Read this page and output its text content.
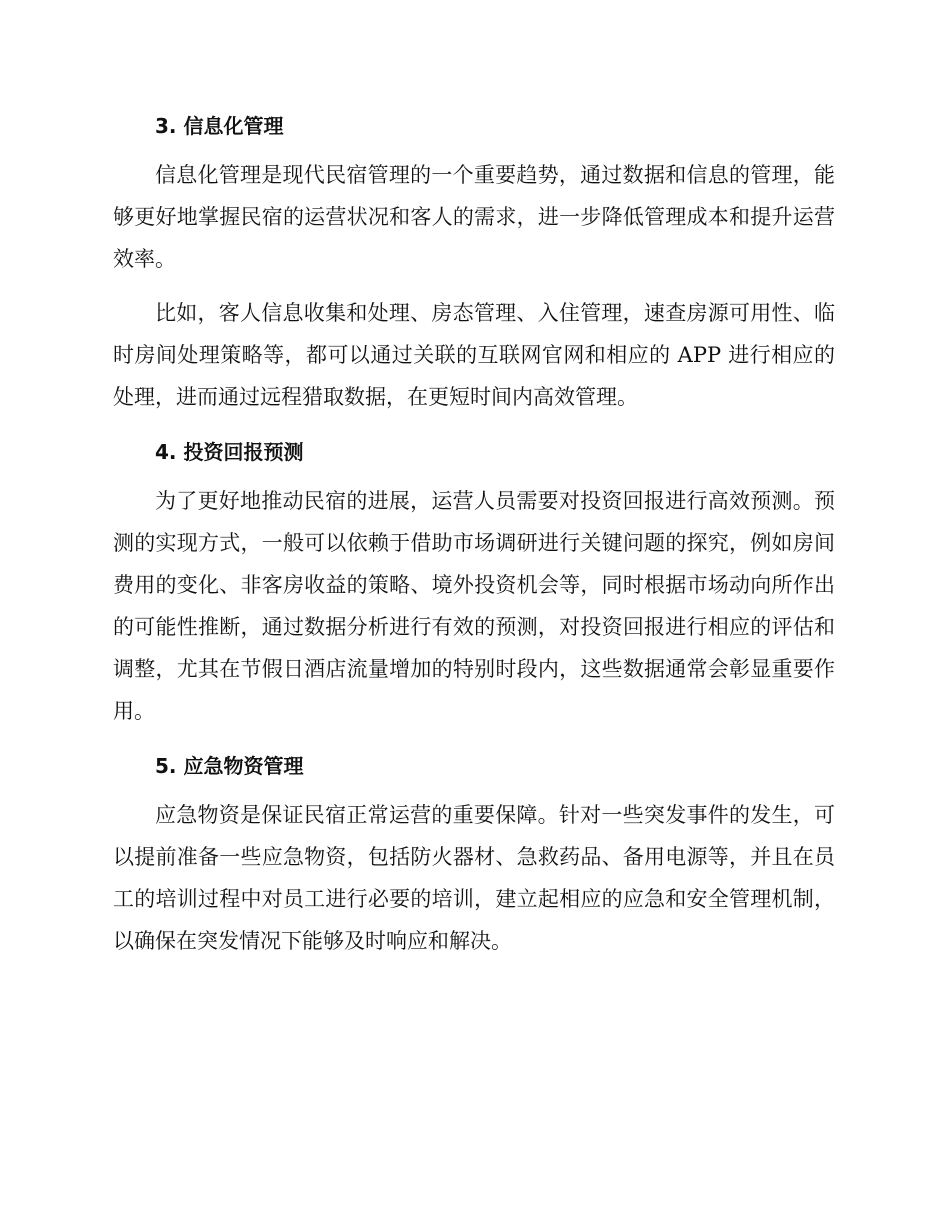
3. 信息化管理

信息化管理是现代民宿管理的一个重要趋势，通过数据和信息的管理，能够更好地掌握民宿的运营状况和客人的需求，进一步降低管理成本和提升运营效率。

比如，客人信息收集和处理、房态管理、入住管理，速查房源可用性、临时房间处理策略等，都可以通过关联的互联网官网和相应的 APP 进行相应的处理，进而通过远程猎取数据，在更短时间内高效管理。

4. 投资回报预测

为了更好地推动民宿的进展，运营人员需要对投资回报进行高效预测。预测的实现方式，一般可以依赖于借助市场调研进行关键问题的探究，例如房间费用的变化、非客房收益的策略、境外投资机会等，同时根据市场动向所作出的可能性推断，通过数据分析进行有效的预测，对投资回报进行相应的评估和调整，尤其在节假日酒店流量增加的特别时段内，这些数据通常会彰显重要作用。

5. 应急物资管理

应急物资是保证民宿正常运营的重要保障。针对一些突发事件的发生，可以提前准备一些应急物资，包括防火器材、急救药品、备用电源等，并且在员工的培训过程中对员工进行必要的培训，建立起相应的应急和安全管理机制，以确保在突发情况下能够及时响应和解决。
